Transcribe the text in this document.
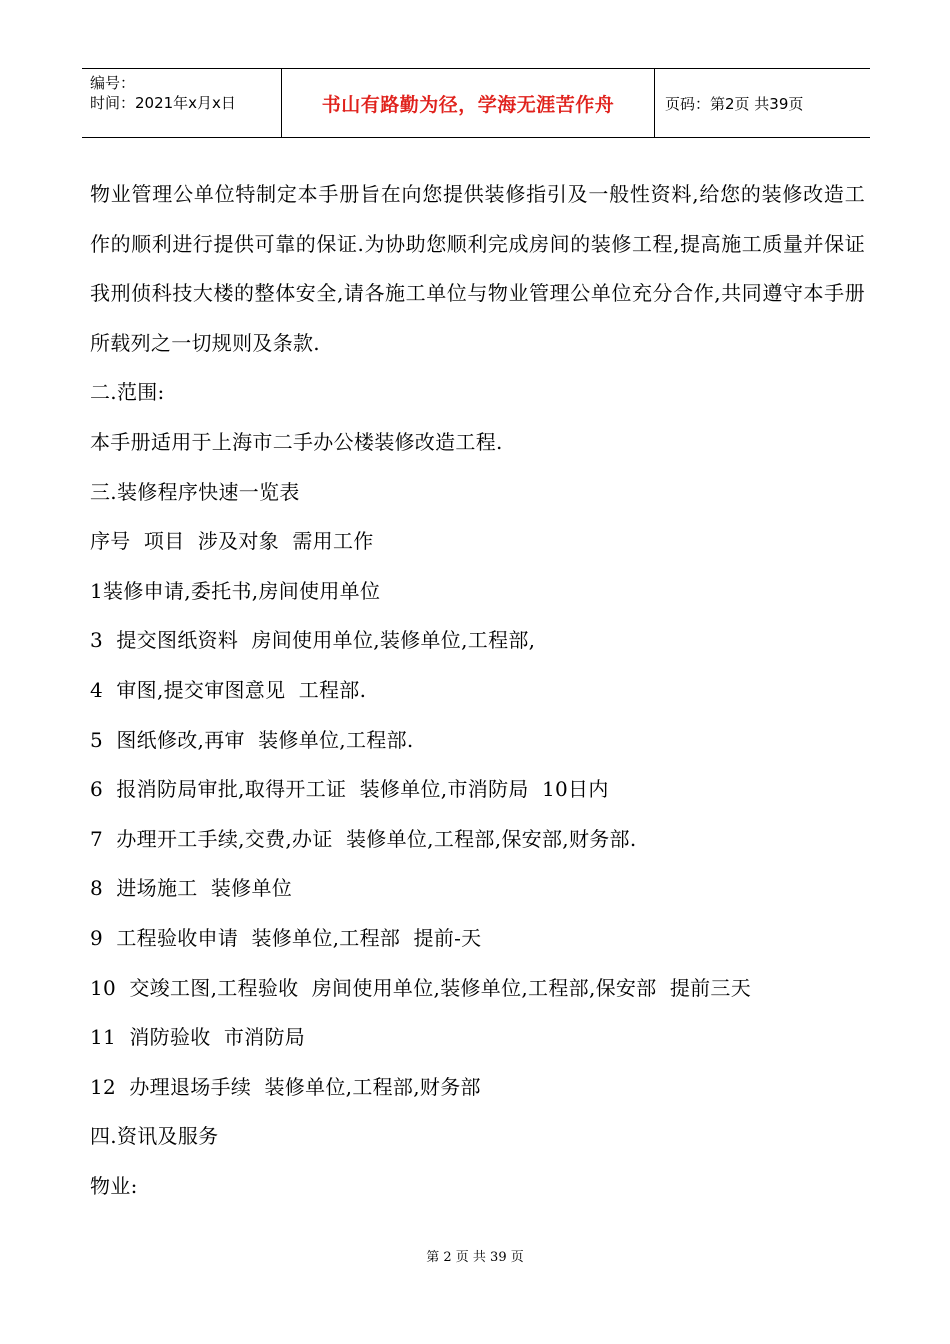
编号：
时间：2021年x月x日	书山有路勤为径，学海无涯苦作舟	页码：第2页 共39页

物业管理公单位特制定本手册旨在向您提供装修指引及一般性资料,给您的装修改造工作的顺利进行提供可靠的保证.为协助您顺利完成房间的装修工程,提高施工质量并保证我刑侦科技大楼的整体安全,请各施工单位与物业管理公单位充分合作,共同遵守本手册所载列之一切规则及条款.

二.范围:

本手册适用于上海市二手办公楼装修改造工程.

三.装修程序快速一览表

序号  项目  涉及对象  需用工作

1装修申请,委托书,房间使用单位

3  提交图纸资料  房间使用单位,装修单位,工程部,

4  审图,提交审图意见  工程部.

5  图纸修改,再审  装修单位,工程部.

6  报消防局审批,取得开工证  装修单位,市消防局  10日内

7  办理开工手续,交费,办证  装修单位,工程部,保安部,财务部.

8  进场施工  装修单位

9  工程验收申请  装修单位,工程部  提前-天

10  交竣工图,工程验收  房间使用单位,装修单位,工程部,保安部  提前三天

11  消防验收  市消防局

12  办理退场手续  装修单位,工程部,财务部

四.资讯及服务

物业:

第 2 页 共 39 页
